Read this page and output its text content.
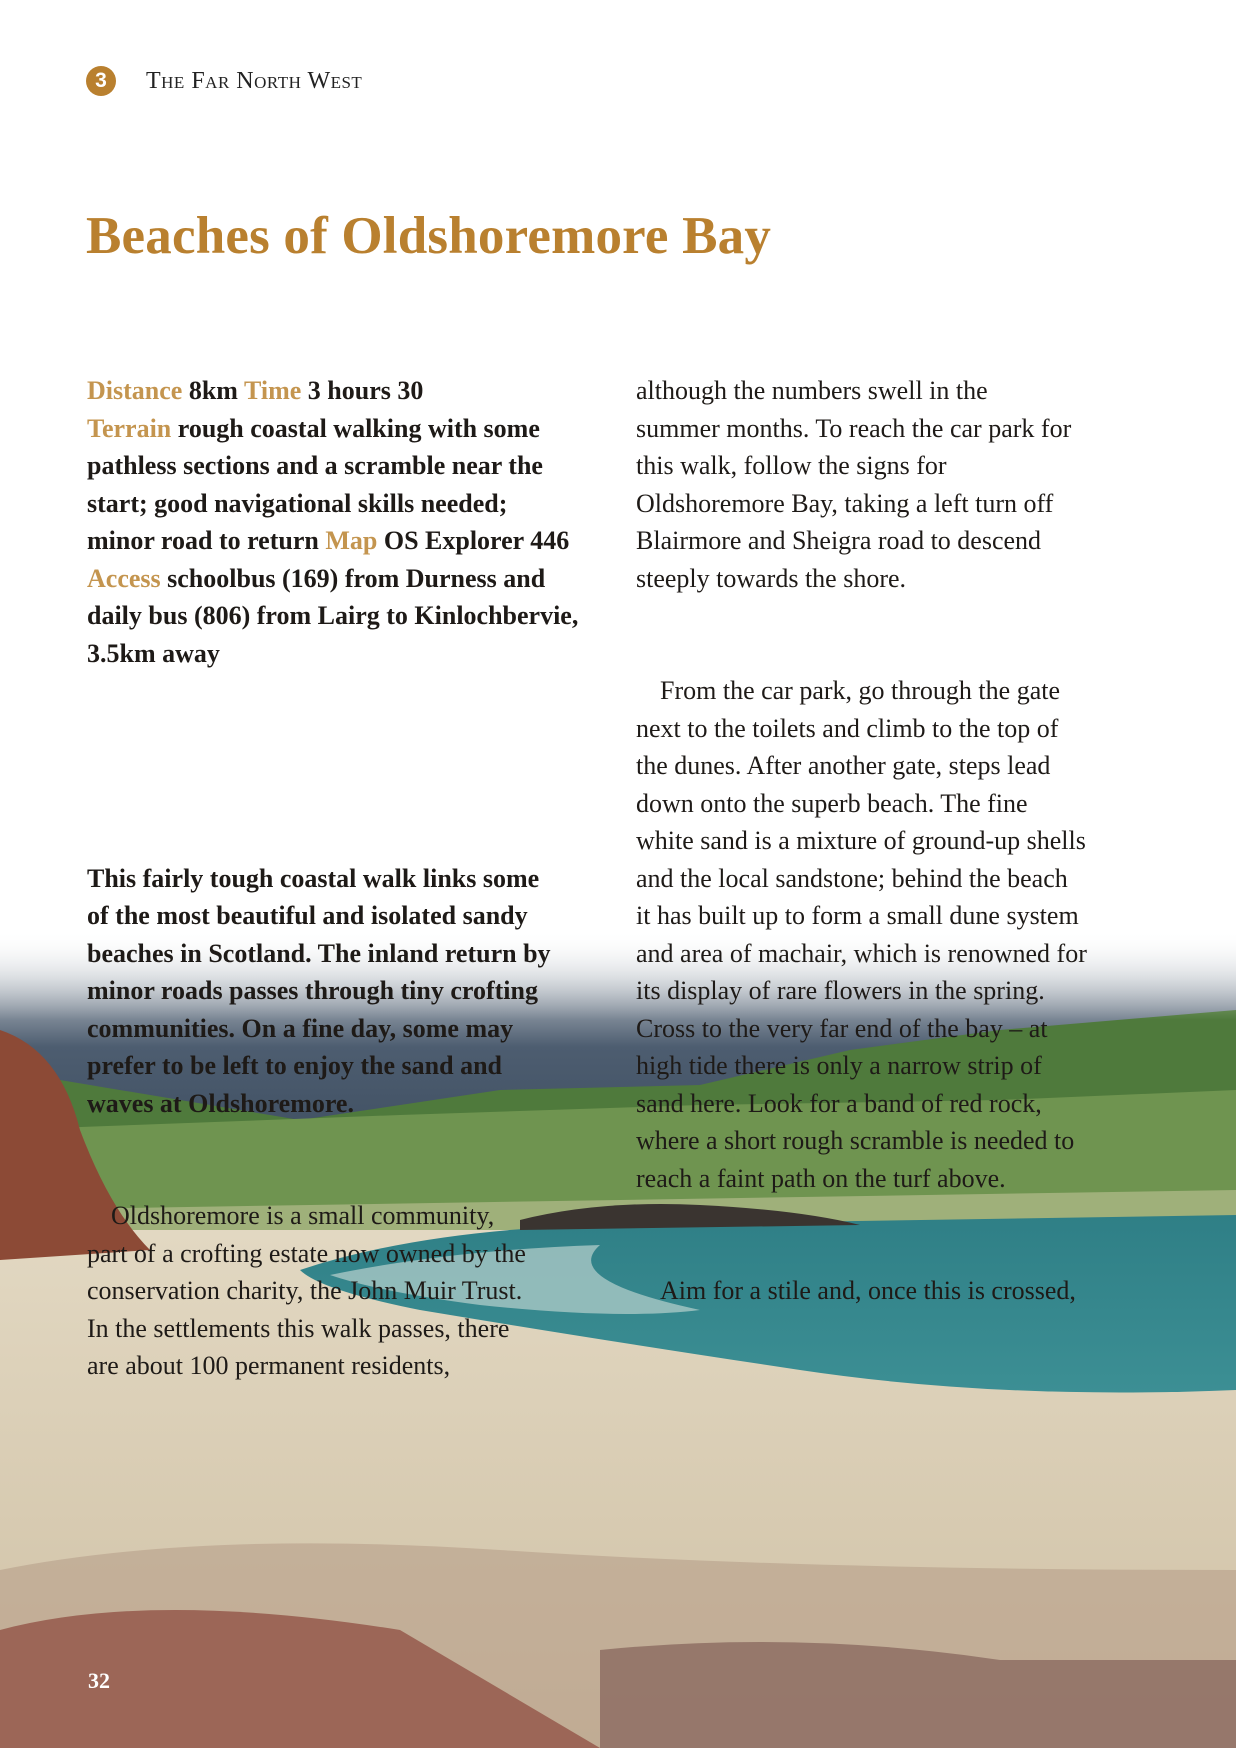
3	The Far North West
Beaches of Oldshoremore Bay

Distance 8km Time 3 hours 30
Terrain rough coastal walking with some
pathless sections and a scramble near the
start; good navigational skills needed;
minor road to return Map OS Explorer 446
Access schoolbus (169) from Durness and
daily bus (806) from Lairg to Kinlochbervie,
3.5km away

This fairly tough coastal walk links some
of the most beautiful and isolated sandy
beaches in Scotland. The inland return by
minor roads passes through tiny crofting
communities. On a fine day, some may
prefer to be left to enjoy the sand and
waves at Oldshoremore.

Oldshoremore is a small community,
part of a crofting estate now owned by the
conservation charity, the John Muir Trust.
In the settlements this walk passes, there
are about 100 permanent residents,

although the numbers swell in the
summer months. To reach the car park for
this walk, follow the signs for
Oldshoremore Bay, taking a left turn off
Blairmore and Sheigra road to descend
steeply towards the shore.

From the car park, go through the gate
next to the toilets and climb to the top of
the dunes. After another gate, steps lead
down onto the superb beach. The fine
white sand is a mixture of ground-up shells
and the local sandstone; behind the beach
it has built up to form a small dune system
and area of machair, which is renowned for
its display of rare flowers in the spring.
Cross to the very far end of the bay – at
high tide there is only a narrow strip of
sand here. Look for a band of red rock,
where a short rough scramble is needed to
reach a faint path on the turf above.

Aim for a stile and, once this is crossed,

32
